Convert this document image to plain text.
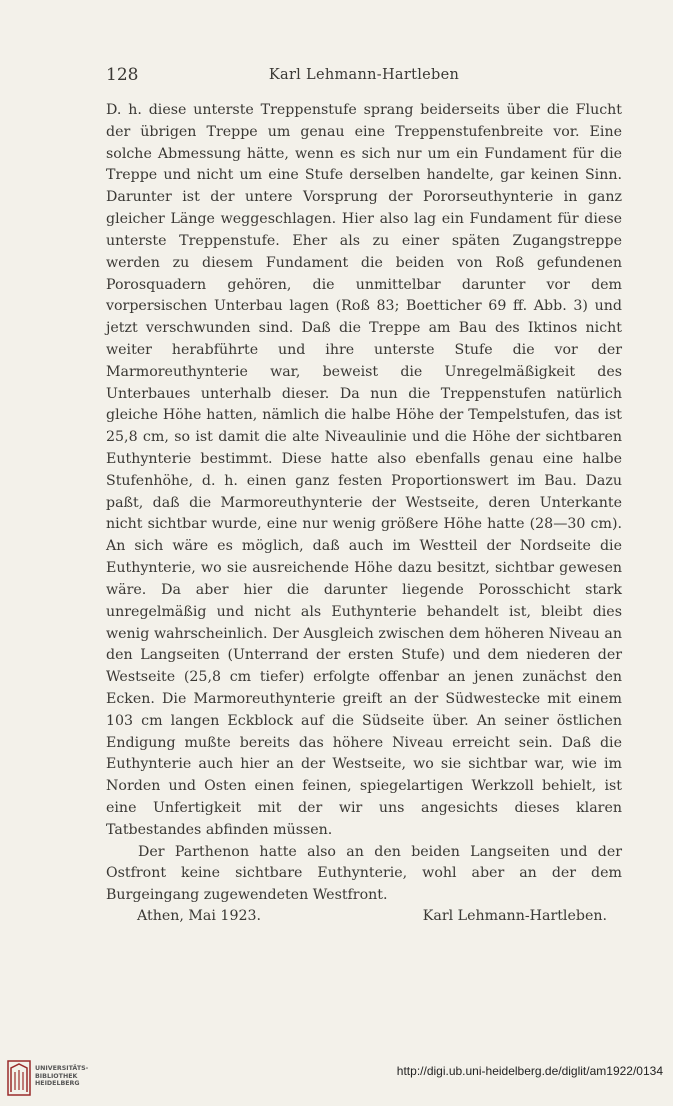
128	Karl Lehmann-Hartleben

D. h. diese unterste Treppenstufe sprang beiderseits über die Flucht der übrigen Treppe um genau eine Treppenstufenbreite vor. Eine solche Abmessung hätte, wenn es sich nur um ein Fundament für die Treppe und nicht um eine Stufe derselben handelte, gar keinen Sinn. Darunter ist der untere Vorsprung der Pororseuthynterie in ganz gleicher Länge weggeschlagen. Hier also lag ein Fundament für diese unterste Treppenstufe. Eher als zu einer späten Zugangstreppe werden zu diesem Fundament die beiden von Roß gefundenen Porosquadern gehören, die unmittelbar darunter vor dem vorpersischen Unterbau lagen (Roß 83; Boetticher 69 ff. Abb. 3) und jetzt verschwunden sind. Daß die Treppe am Bau des Iktinos nicht weiter herabführte und ihre unterste Stufe die vor der Marmoreuthynterie war, beweist die Unregelmäßigkeit des Unterbaues unterhalb dieser. Da nun die Treppenstufen natürlich gleiche Höhe hatten, nämlich die halbe Höhe der Tempelstufen, das ist 25,8 cm, so ist damit die alte Niveaulinie und die Höhe der sichtbaren Euthynterie bestimmt. Diese hatte also ebenfalls genau eine halbe Stufenhöhe, d. h. einen ganz festen Proportionswert im Bau. Dazu paßt, daß die Marmoreuthynterie der Westseite, deren Unterkante nicht sichtbar wurde, eine nur wenig größere Höhe hatte (28—30 cm). An sich wäre es möglich, daß auch im Westteil der Nordseite die Euthynterie, wo sie ausreichende Höhe dazu besitzt, sichtbar gewesen wäre. Da aber hier die darunter liegende Porosschicht stark unregelmäßig und nicht als Euthynterie behandelt ist, bleibt dies wenig wahrscheinlich. Der Ausgleich zwischen dem höheren Niveau an den Langseiten (Unterrand der ersten Stufe) und dem niederen der Westseite (25,8 cm tiefer) erfolgte offenbar an jenen zunächst den Ecken. Die Marmoreuthynterie greift an der Südwestecke mit einem 103 cm langen Eckblock auf die Südseite über. An seiner östlichen Endigung mußte bereits das höhere Niveau erreicht sein. Daß die Euthynterie auch hier an der Westseite, wo sie sichtbar war, wie im Norden und Osten einen feinen, spiegelartigen Werkzoll behielt, ist eine Unfertigkeit mit der wir uns angesichts dieses klaren Tatbestandes abfinden müssen.

Der Parthenon hatte also an den beiden Langseiten und der Ostfront keine sichtbare Euthynterie, wohl aber an der dem Burgeingang zugewendeten Westfront.

Athen, Mai 1923.	Karl Lehmann-Hartleben.
UNIVERSITÄTS-
BIBLIOTHEK
HEIDELBERG
http://digi.ub.uni-heidelberg.de/diglit/am1922/0134
